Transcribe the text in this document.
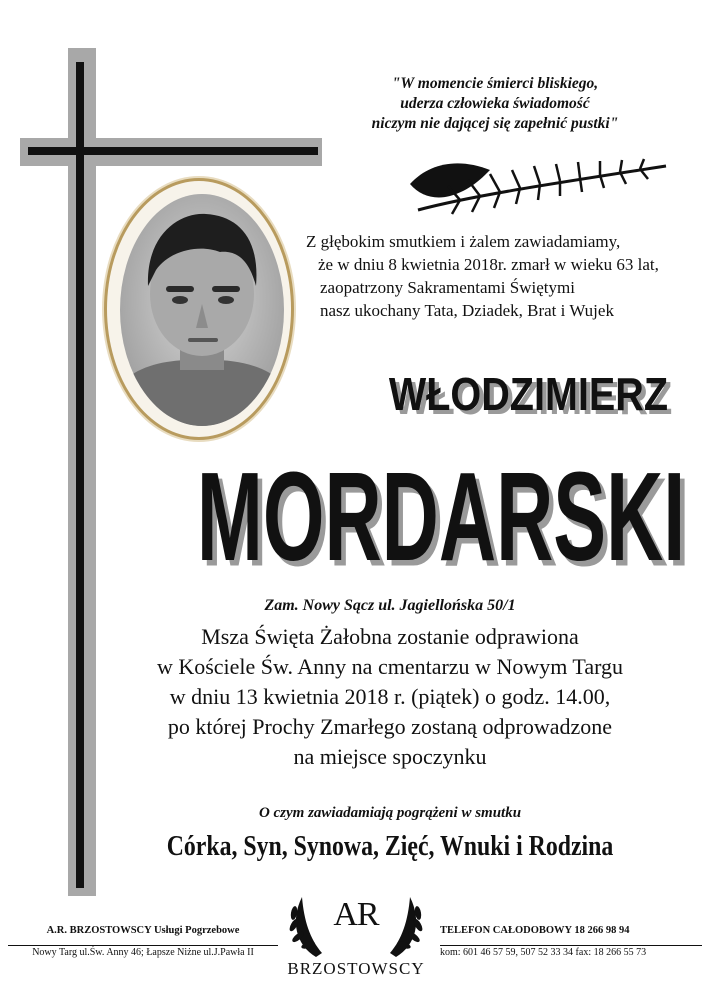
"W momencie śmierci bliskiego,
uderza człowieka świadomość
niczym nie dającej się zapełnić pustki"
Z głębokim smutkiem i żalem zawiadamiamy,
że w dniu 8 kwietnia 2018r. zmarł w wieku 63 lat,
zaopatrzony Sakramentami Świętymi
nasz ukochany Tata, Dziadek, Brat i Wujek
WŁODZIMIERZ
MORDARSKI
Zam. Nowy Sącz ul. Jagiellońska 50/1
Msza Święta Żałobna zostanie odprawiona
w Kościele Św. Anny na cmentarzu w Nowym Targu
w dniu 13 kwietnia 2018 r. (piątek) o godz. 14.00,
po której Prochy Zmarłego zostaną odprowadzone
na miejsce spoczynku
O czym zawiadamiają pogrążeni w smutku
Córka, Syn, Synowa, Zięć, Wnuki i Rodzina
A.R. BRZOSTOWSCY Usługi Pogrzebowe
Nowy Targ ul.Św. Anny 46; Łapsze Niżne ul.J.Pawła II
TELEFON CAŁODOBOWY 18 266 98 94
kom: 601 46 57 59, 507 52 33 34 fax: 18 266 55 73
AR
BRZOSTOWSCY
